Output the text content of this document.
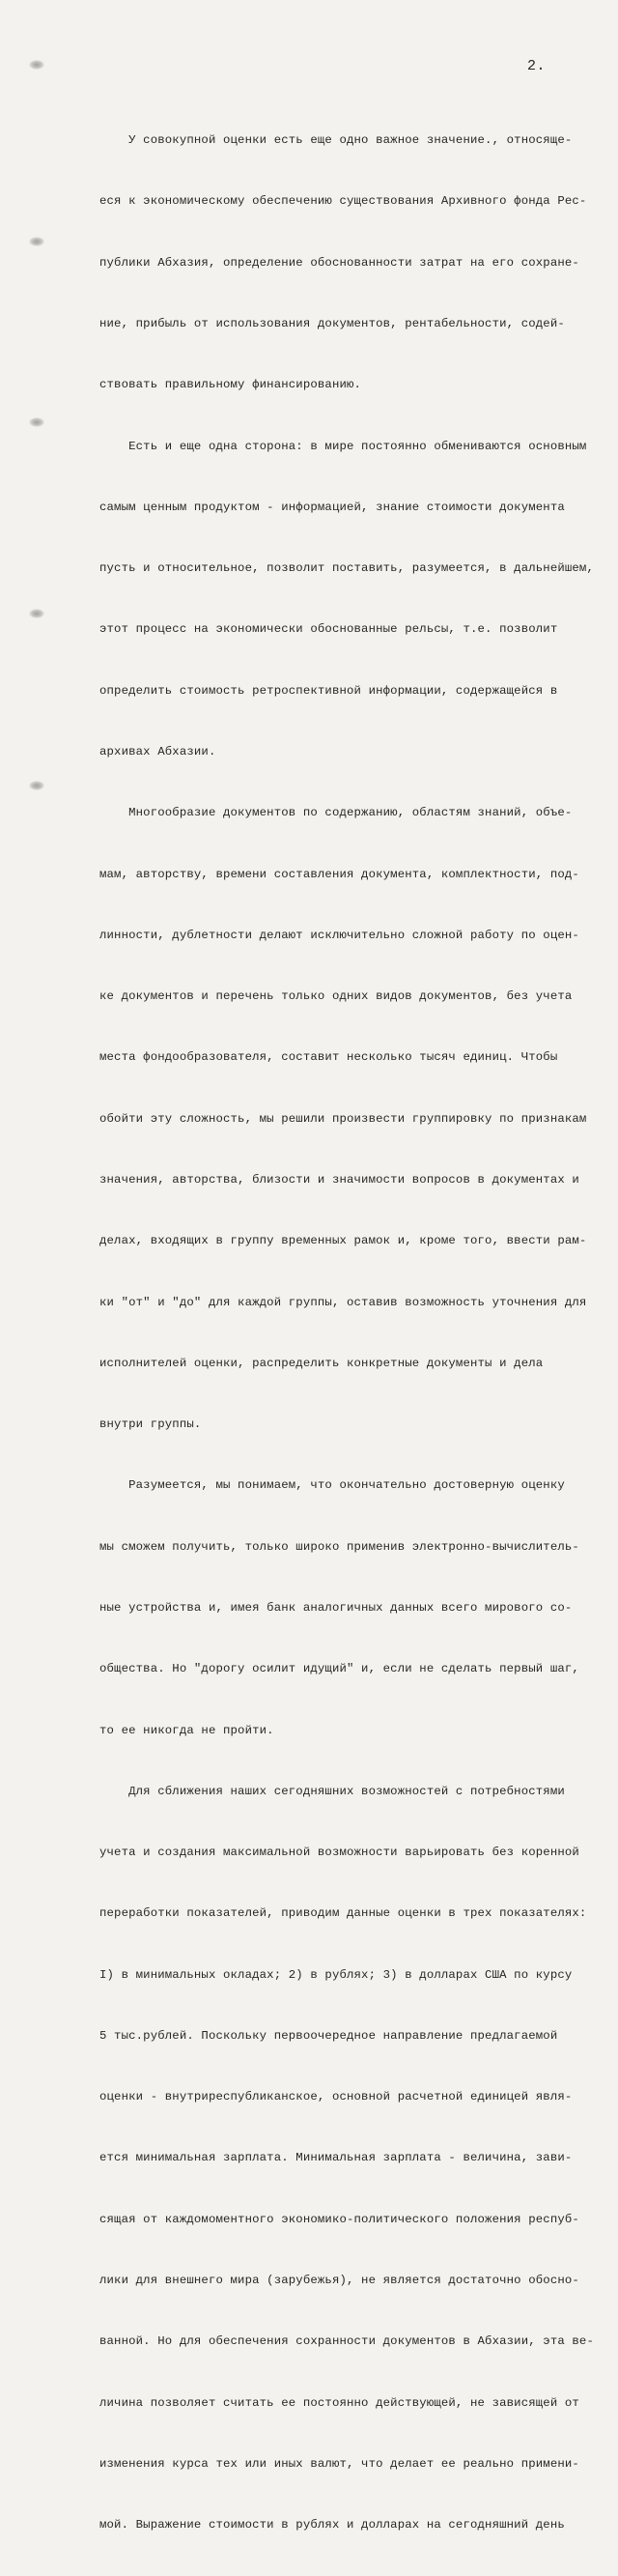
2.

У совокупной оценки есть еще одно важное значение., относяще-

еся к экономическому обеспечению существования Архивного фонда Рес-

публики Абхазия, определение обоснованности затрат на его сохране-

ние, прибыль от использования документов, рентабельности, содей-

ствовать правильному финансированию.

Есть и еще одна сторона: в мире постоянно обмениваются основным

самым ценным продуктом - информацией, знание стоимости документа

пусть и относительное, позволит поставить, разумеется, в дальнейшем,

этот процесс на экономически обоснованные рельсы, т.е. позволит

определить стоимость ретроспективной информации, содержащейся в

архивах Абхазии.

Многообразие документов по содержанию, областям знаний, объе-

мам, авторству, времени составления документа, комплектности, под-

линности, дублетности делают исключительно сложной работу по оцен-

ке документов и перечень только одних видов документов, без учета

места фондообразователя, составит несколько тысяч единиц. Чтобы

обойти эту сложность, мы решили произвести группировку по признакам

значения, авторства, близости и значимости вопросов в документах и

делах, входящих в группу временных рамок и, кроме того, ввести рам-

ки "от" и "до" для каждой группы, оставив возможность уточнения для

исполнителей оценки, распределить конкретные документы и дела

внутри группы.

Разумеется, мы понимаем, что окончательно достоверную оценку

мы сможем получить, только широко применив электронно-вычислитель-

ные устройства и, имея банк аналогичных данных всего мирового со-

общества. Но "дорогу осилит идущий" и, если не сделать первый шаг,

то ее никогда не пройти.

Для сближения наших сегодняшних возможностей с потребностями

учета и создания максимальной возможности варьировать без коренной

переработки показателей, приводим данные оценки в трех показателях:

I) в минимальных окладах; 2) в рублях; 3) в долларах США по курсу

5 тыс.рублей. Поскольку первоочередное направление предлагаемой

оценки - внутриреспубликанское, основной расчетной единицей явля-

ется минимальная зарплата. Минимальная зарплата - величина, зави-

сящая от каждомоментного экономико-политического положения респуб-

лики для внешнего мира (зарубежья), не является достаточно обосно-

ванной. Но для обеспечения сохранности документов в Абхазии, эта ве-

личина позволяет считать ее постоянно действующей, не зависящей от

изменения курса тех или иных валют, что делает ее реально примени-

мой. Выражение стоимости в рублях и долларах на сегодняшний день
